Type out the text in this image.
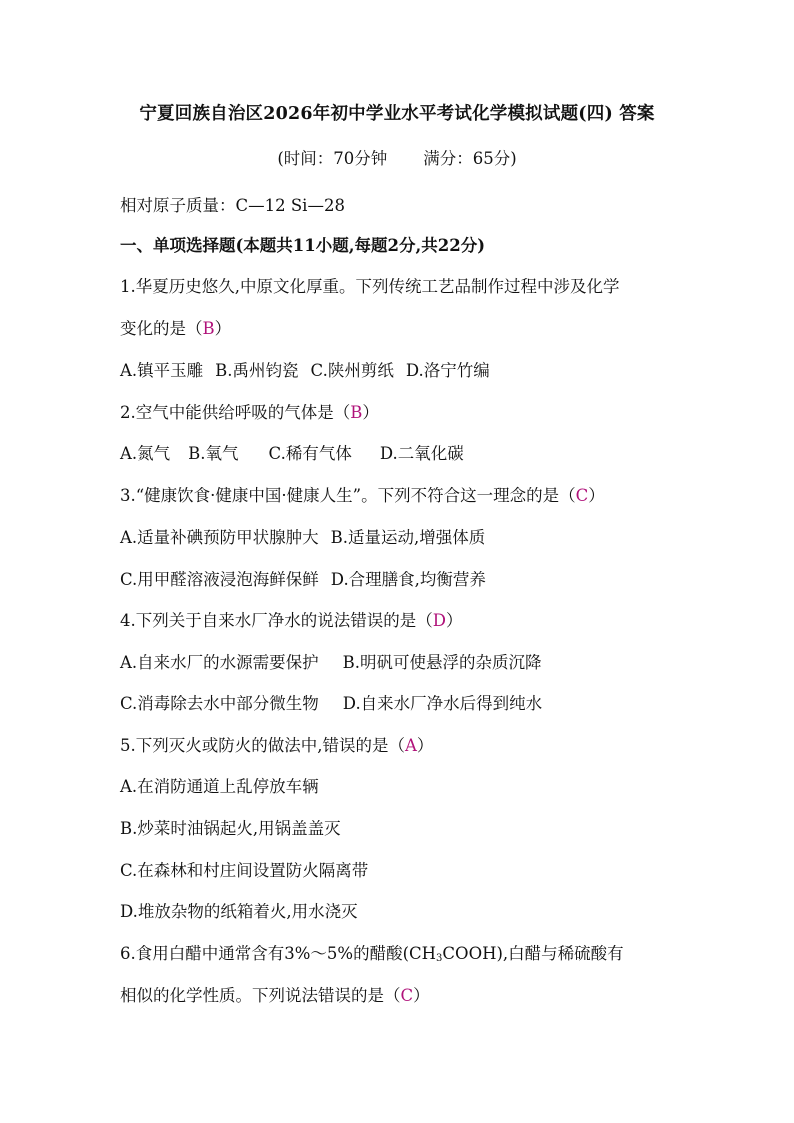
宁夏回族自治区2026年初中学业水平考试化学模拟试题(四) 答案
(时间：70分钟 满分：65分)
相对原子质量：C—12 Si—28
一、单项选择题(本题共11小题,每题2分,共22分)
1.华夏历史悠久,中原文化厚重。下列传统工艺品制作过程中涉及化学
变化的是（B）
A.镇平玉雕 B.禹州钧瓷 C.陕州剪纸 D.洛宁竹编
2.空气中能供给呼吸的气体是（B）
A.氮气 B.氧气 C.稀有气体 D.二氧化碳
3.“健康饮食·健康中国·健康人生”。下列不符合这一理念的是（C）
A.适量补碘预防甲状腺肿大 B.适量运动,增强体质
C.用甲醛溶液浸泡海鲜保鲜 D.合理膳食,均衡营养
4.下列关于自来水厂净水的说法错误的是（D）
A.自来水厂的水源需要保护 B.明矾可使悬浮的杂质沉降
C.消毒除去水中部分微生物 D.自来水厂净水后得到纯水
5.下列灭火或防火的做法中,错误的是（A）
A.在消防通道上乱停放车辆
B.炒菜时油锅起火,用锅盖盖灭
C.在森林和村庄间设置防火隔离带
D.堆放杂物的纸箱着火,用水浇灭
6.食用白醋中通常含有3%～5%的醋酸$(CH_3COOH)$,白醋与稀硫酸有
相似的化学性质。下列说法错误的是（C）
